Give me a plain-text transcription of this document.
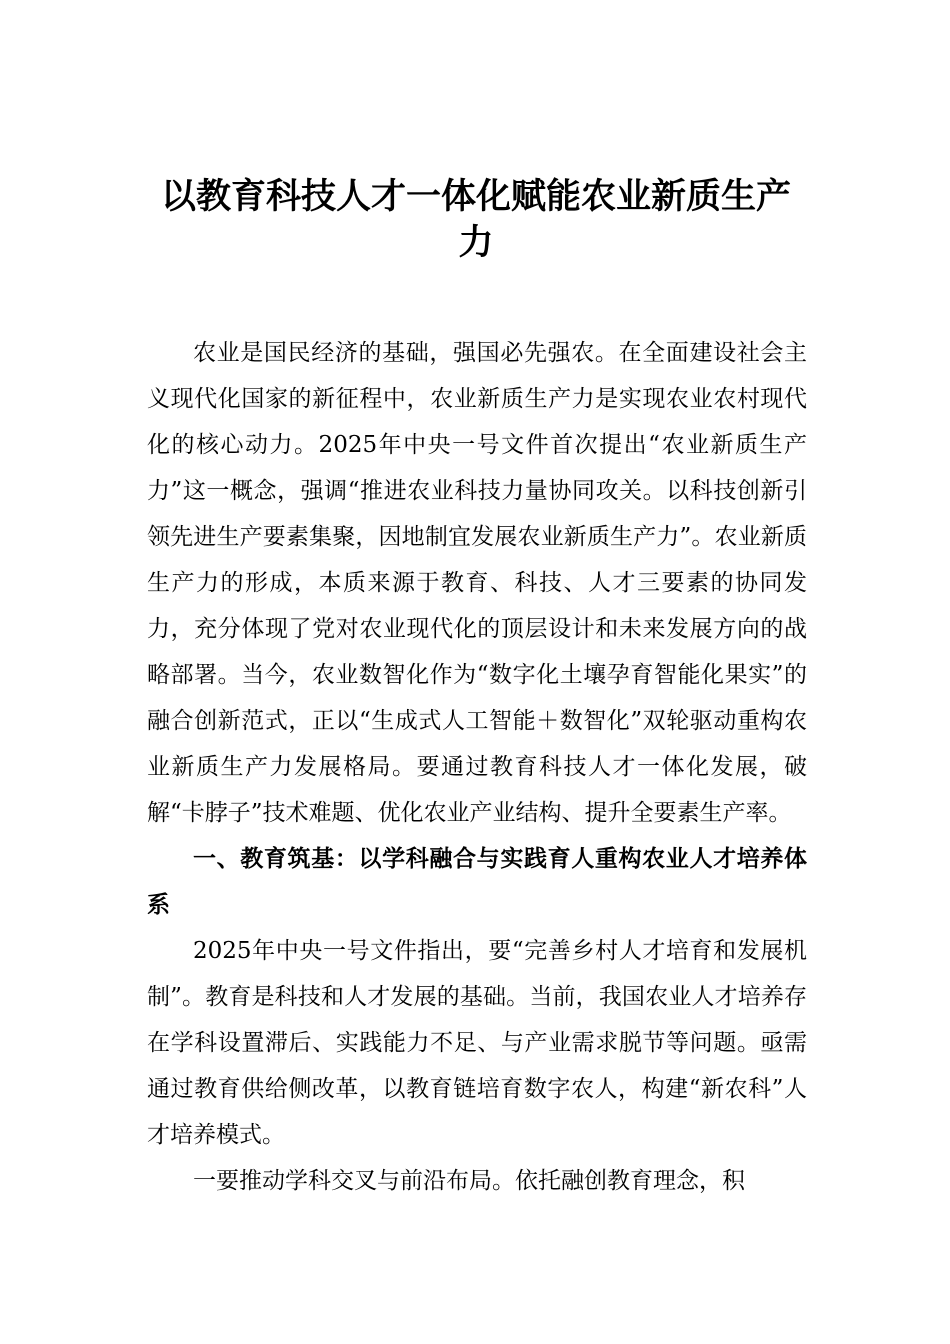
以教育科技人才一体化赋能农业新质生产力

农业是国民经济的基础，强国必先强农。在全面建设社会主义现代化国家的新征程中，农业新质生产力是实现农业农村现代化的核心动力。2025年中央一号文件首次提出“农业新质生产力”这一概念，强调“推进农业科技力量协同攻关。以科技创新引领先进生产要素集聚，因地制宜发展农业新质生产力”。农业新质生产力的形成，本质来源于教育、科技、人才三要素的协同发力，充分体现了党对农业现代化的顶层设计和未来发展方向的战略部署。当今，农业数智化作为“数字化土壤孕育智能化果实”的融合创新范式，正以“生成式人工智能＋数智化”双轮驱动重构农业新质生产力发展格局。要通过教育科技人才一体化发展，破解“卡脖子”技术难题、优化农业产业结构、提升全要素生产率。

一、教育筑基：以学科融合与实践育人重构农业人才培养体系

2025年中央一号文件指出，要“完善乡村人才培育和发展机制”。教育是科技和人才发展的基础。当前，我国农业人才培养存在学科设置滞后、实践能力不足、与产业需求脱节等问题。亟需通过教育供给侧改革，以教育链培育数字农人，构建“新农科”人才培养模式。

一要推动学科交叉与前沿布局。依托融创教育理念，积
